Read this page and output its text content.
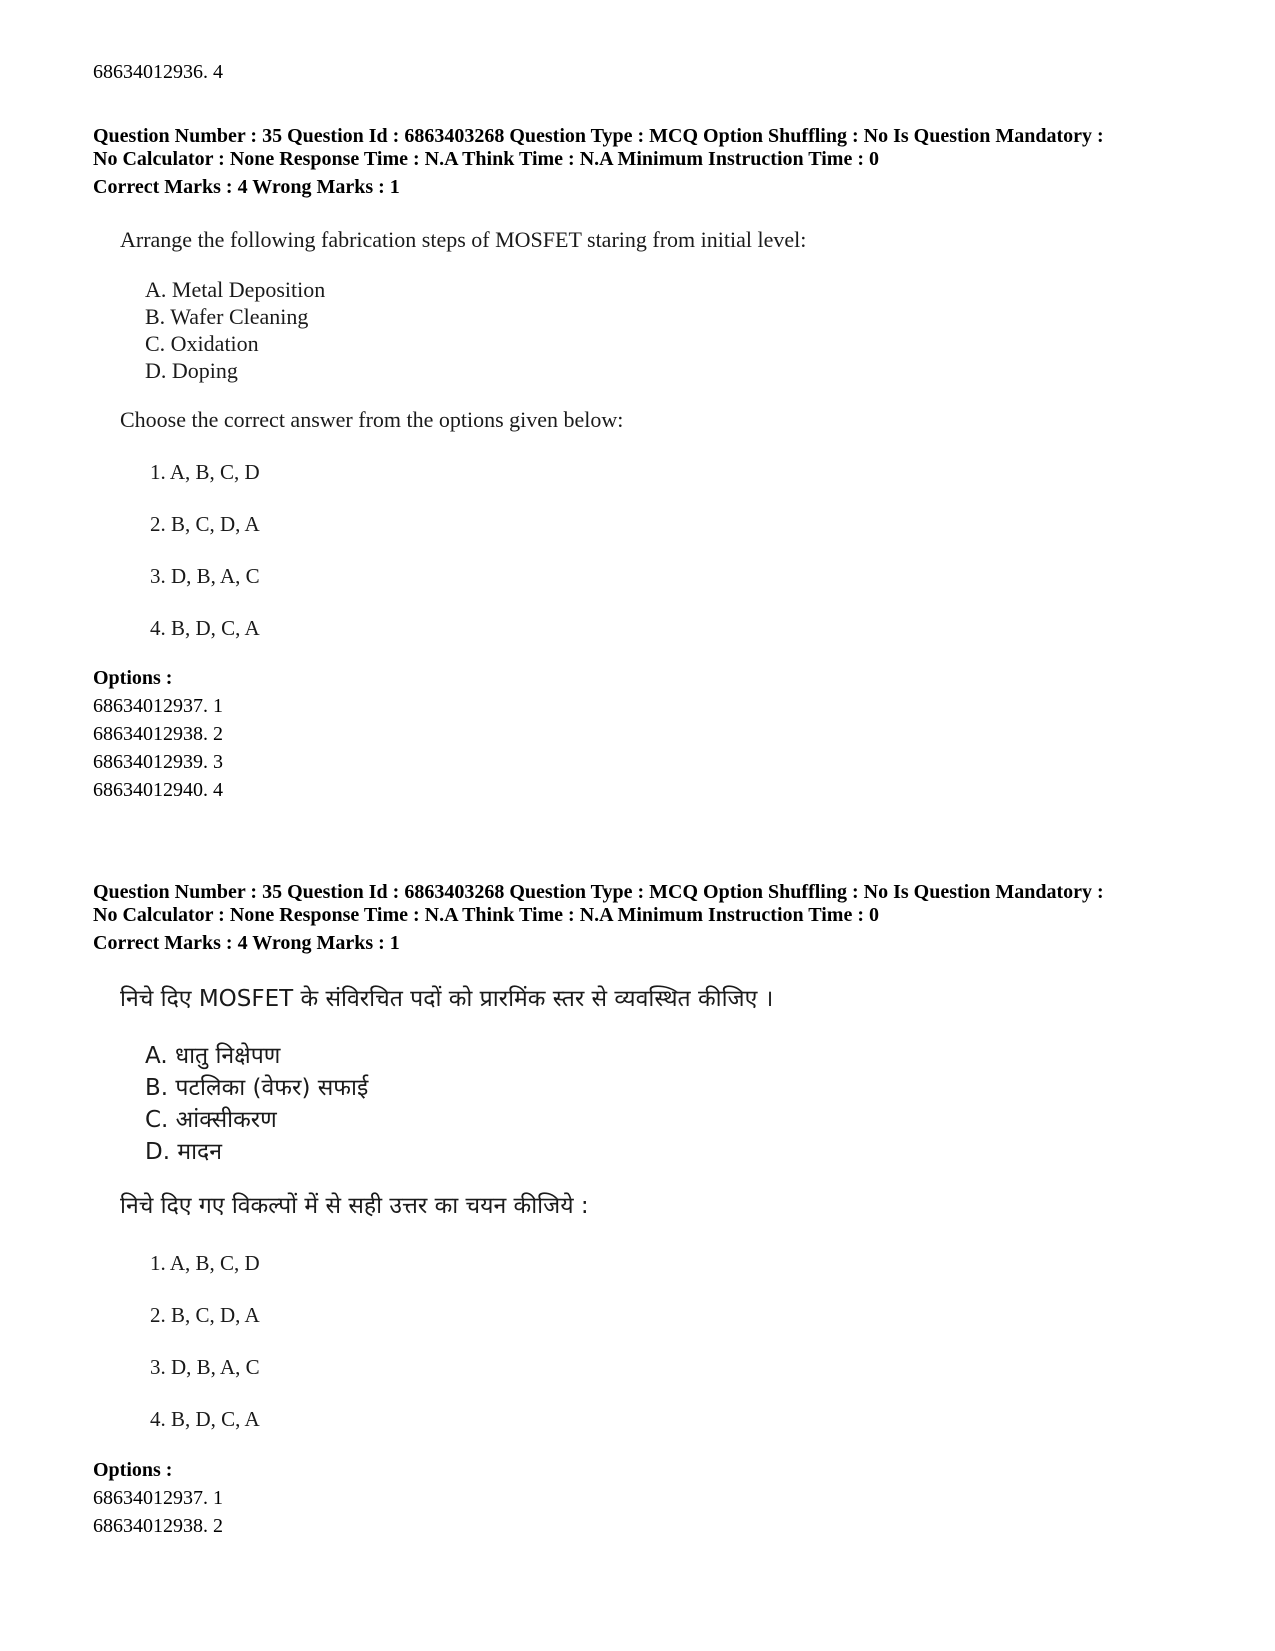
68634012936. 4
Question Number : 35 Question Id : 6863403268 Question Type : MCQ Option Shuffling : No Is Question Mandatory :
No Calculator : None Response Time : N.A Think Time : N.A Minimum Instruction Time : 0
Correct Marks : 4 Wrong Marks : 1
Arrange the following fabrication steps of MOSFET staring from initial level:
A. Metal Deposition
B. Wafer Cleaning
C. Oxidation
D. Doping
Choose the correct answer from the options given below:
1. A, B, C, D
2. B, C, D, A
3. D, B, A, C
4. B, D, C, A
Options :
68634012937. 1
68634012938. 2
68634012939. 3
68634012940. 4
Question Number : 35 Question Id : 6863403268 Question Type : MCQ Option Shuffling : No Is Question Mandatory :
No Calculator : None Response Time : N.A Think Time : N.A Minimum Instruction Time : 0
Correct Marks : 4 Wrong Marks : 1
निचे दिए MOSFET के संविरचित पदों को प्रारमिंक स्तर से व्यवस्थित कीजिए ।
A. धातु निक्षेपण
B. पटलिका (वेफर) सफाई
C. आंक्सीकरण
D. मादन
निचे दिए गए विकल्पों में से सही उत्तर का चयन कीजिये :
1. A, B, C, D
2. B, C, D, A
3. D, B, A, C
4. B, D, C, A
Options :
68634012937. 1
68634012938. 2
